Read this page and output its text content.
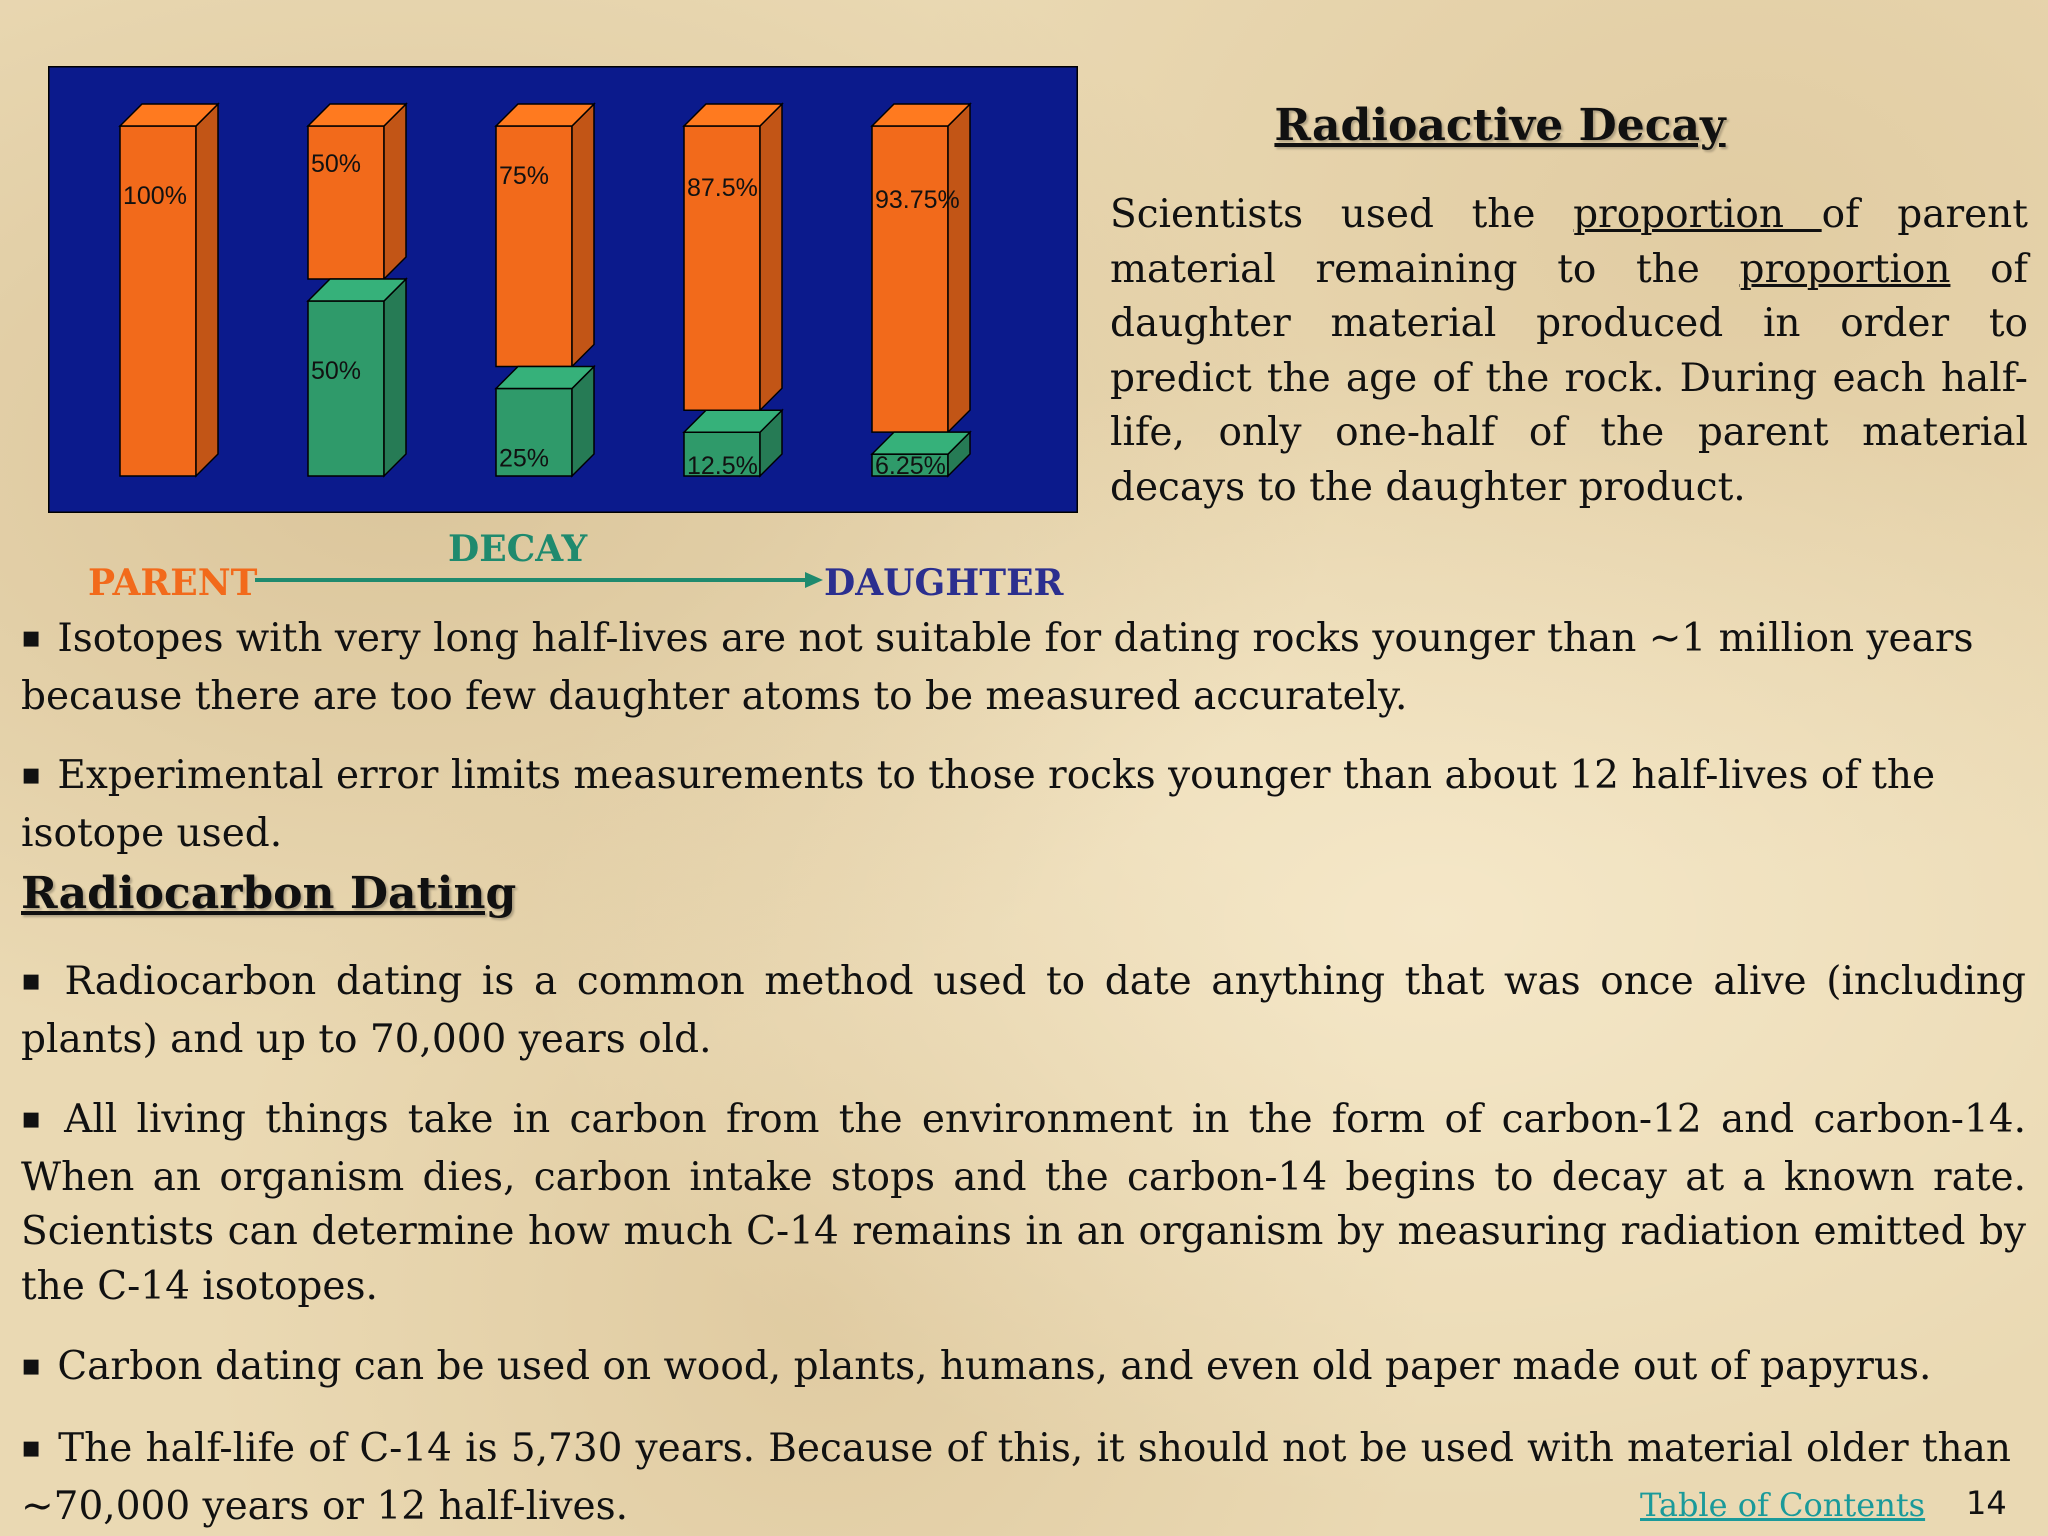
100%
50%
50%
75%
25%
87.5%
12.5%
93.75%
6.25%
PARENT
DECAY
DAUGHTER
Radioactive Decay

Scientists used the proportion of parent material remaining to the proportion of daughter material produced in order to predict the age of the rock. During each half-life, only one-half of the parent material decays to the daughter product.

▪ Isotopes with very long half-lives are not suitable for dating rocks younger than ~1 million years because there are too few daughter atoms to be measured accurately.

▪ Experimental error limits measurements to those rocks younger than about 12 half-lives of the isotope used.

Radiocarbon Dating

▪ Radiocarbon dating is a common method used to date anything that was once alive (including plants) and up to 70,000 years old.

▪ All living things take in carbon from the environment in the form of carbon-12 and carbon-14. When an organism dies, carbon intake stops and the carbon-14 begins to decay at a known rate. Scientists can determine how much C-14 remains in an organism by measuring radiation emitted by the C-14 isotopes.

▪ Carbon dating can be used on wood, plants, humans, and even old paper made out of papyrus.

▪ The half-life of C-14 is 5,730 years. Because of this, it should not be used with material older than ~70,000 years or 12 half-lives.	Table of Contents 14
